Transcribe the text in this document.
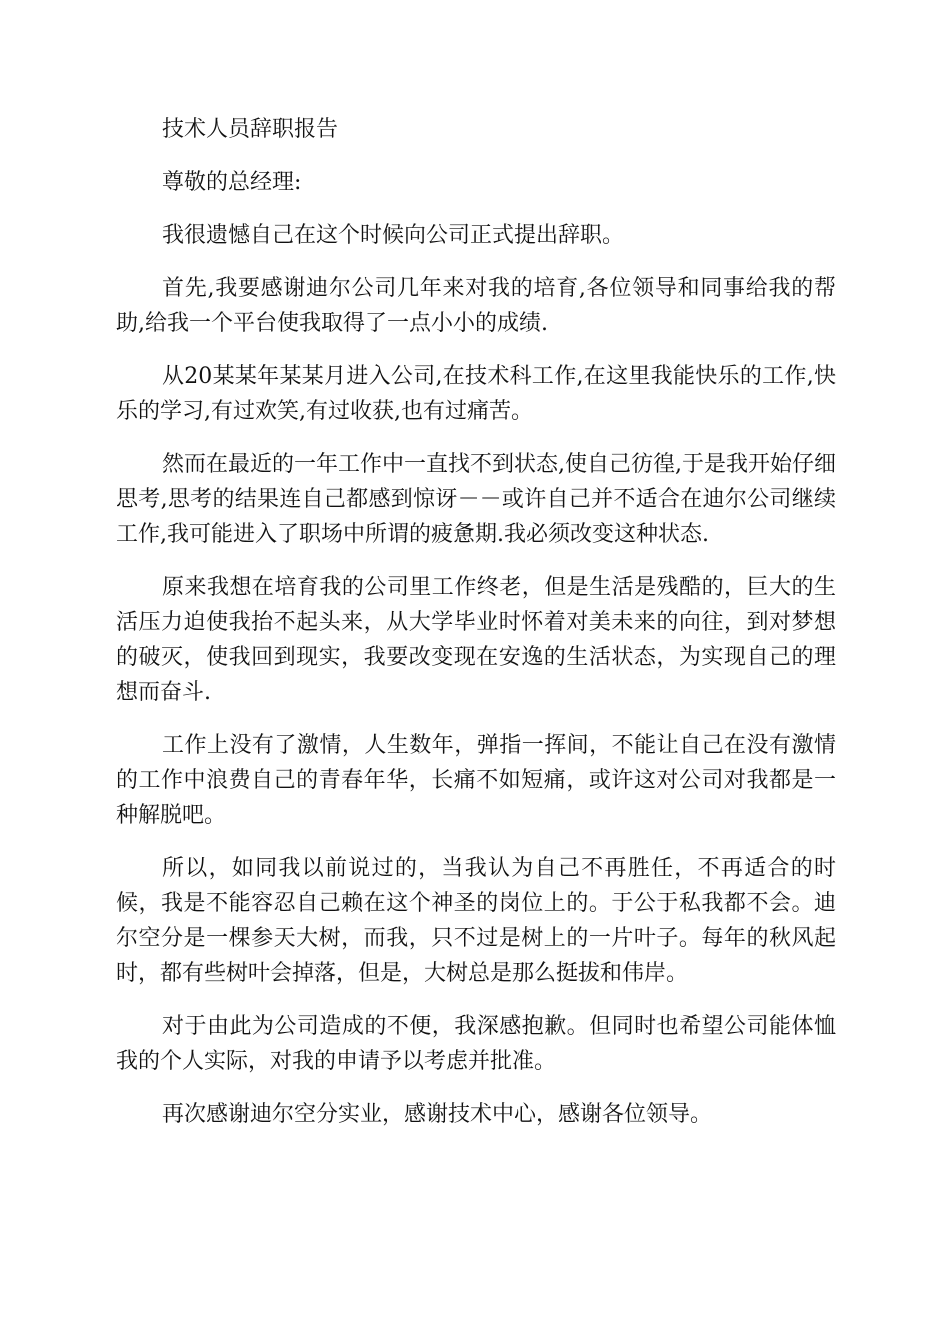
技术人员辞职报告

尊敬的总经理:

我很遗憾自己在这个时候向公司正式提出辞职。

首先,我要感谢迪尔公司几年来对我的培育,各位领导和同事给我的帮助,给我一个平台使我取得了一点小小的成绩.

从20某某年某某月进入公司,在技术科工作,在这里我能快乐的工作,快乐的学习,有过欢笑,有过收获,也有过痛苦。

然而在最近的一年工作中一直找不到状态,使自己彷徨,于是我开始仔细思考,思考的结果连自己都感到惊讶－－或许自己并不适合在迪尔公司继续工作,我可能进入了职场中所谓的疲惫期.我必须改变这种状态.

原来我想在培育我的公司里工作终老，但是生活是残酷的，巨大的生活压力迫使我抬不起头来，从大学毕业时怀着对美未来的向往，到对梦想的破灭，使我回到现实，我要改变现在安逸的生活状态，为实现自己的理想而奋斗.

工作上没有了激情，人生数年，弹指一挥间，不能让自己在没有激情的工作中浪费自己的青春年华，长痛不如短痛，或许这对公司对我都是一种解脱吧。

所以，如同我以前说过的，当我认为自己不再胜任，不再适合的时候，我是不能容忍自己赖在这个神圣的岗位上的。于公于私我都不会。迪尔空分是一棵参天大树，而我，只不过是树上的一片叶子。每年的秋风起时，都有些树叶会掉落，但是，大树总是那么挺拔和伟岸。

对于由此为公司造成的不便，我深感抱歉。但同时也希望公司能体恤我的个人实际，对我的申请予以考虑并批准。

再次感谢迪尔空分实业，感谢技术中心，感谢各位领导。
